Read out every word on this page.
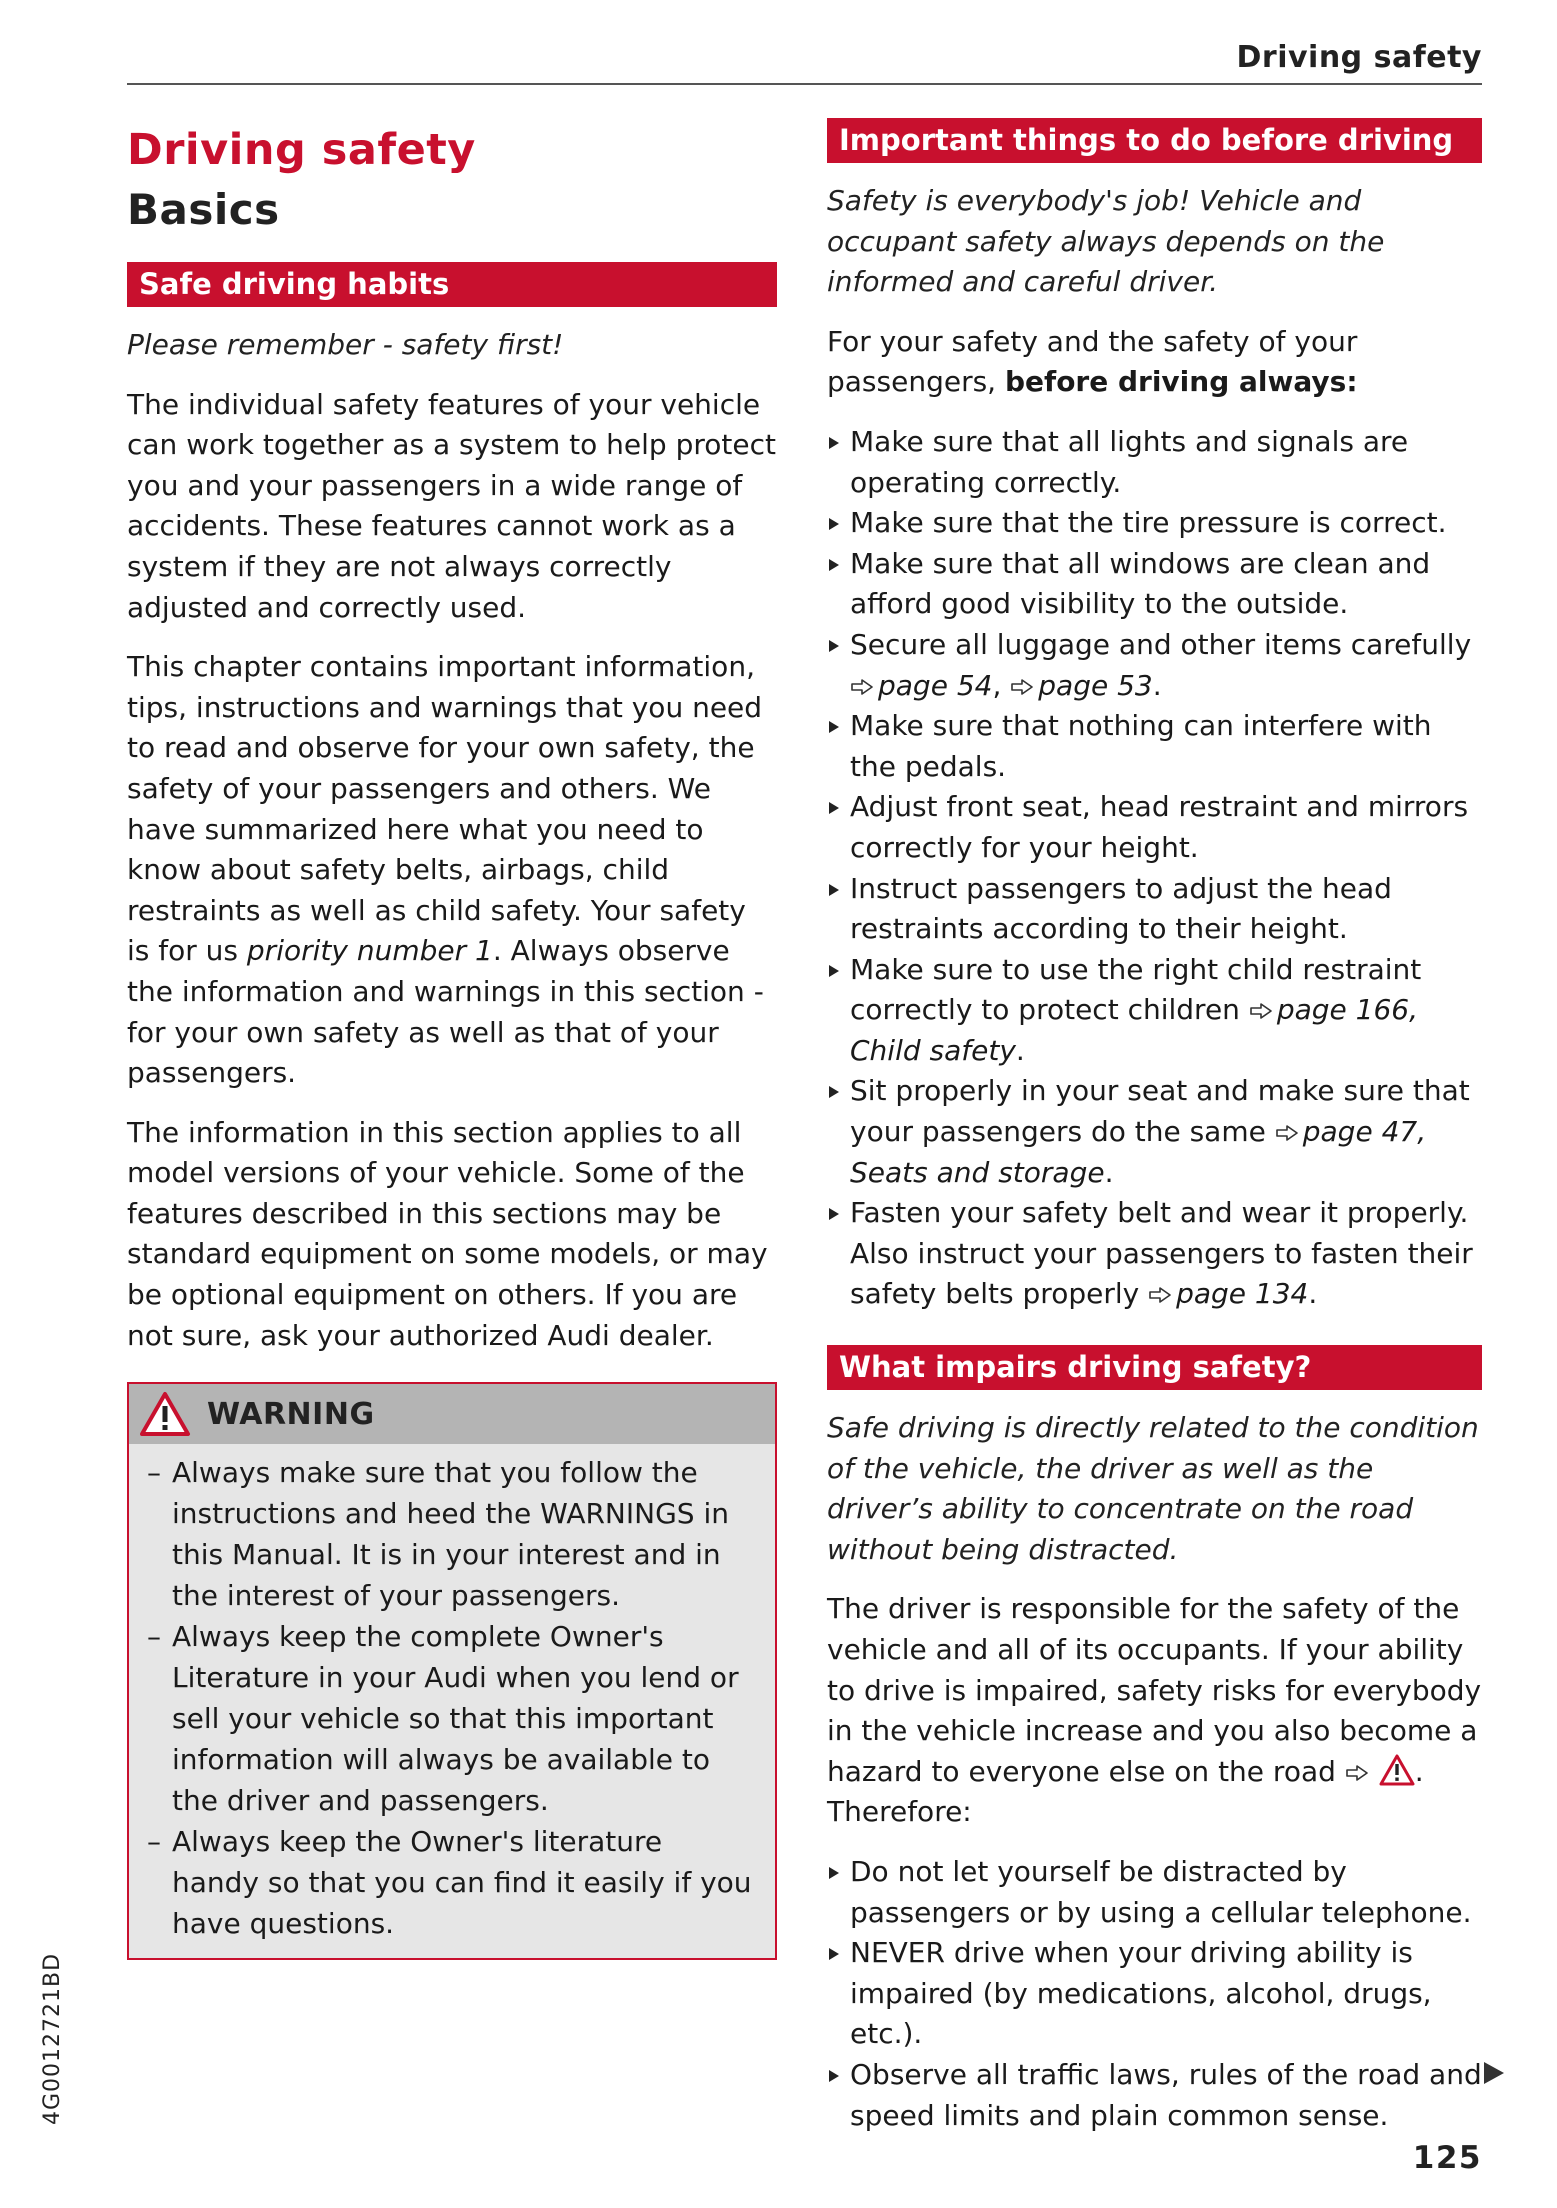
Driving safety
Driving safety
Basics
Safe driving habits
Please remember - safety first!
The individual safety features of your vehicle can work together as a system to help protect you and your passengers in a wide range of accidents. These features cannot work as a system if they are not always correctly adjusted and correctly used.
This chapter contains important information, tips, instructions and warnings that you need to read and observe for your own safety, the safety of your passengers and others. We have summarized here what you need to know about safety belts, airbags, child restraints as well as child safety. Your safety is for us priority number 1. Always observe the information and warnings in this section - for your own safety as well as that of your passengers.
The information in this section applies to all model versions of your vehicle. Some of the features described in this sections may be standard equipment on some models, or may be optional equipment on others. If you are not sure, ask your authorized Audi dealer.
WARNING
– Always make sure that you follow the instructions and heed the WARNINGS in this Manual. It is in your interest and in the interest of your passengers.
– Always keep the complete Owner's Literature in your Audi when you lend or sell your vehicle so that this important information will always be available to the driver and passengers.
– Always keep the Owner's literature handy so that you can find it easily if you have questions.
Important things to do before driving
Safety is everybody's job! Vehicle and occupant safety always depends on the informed and careful driver.
For your safety and the safety of your passengers, before driving always:
Make sure that all lights and signals are operating correctly.
Make sure that the tire pressure is correct.
Make sure that all windows are clean and afford good visibility to the outside.
Secure all luggage and other items carefully page 54, page 53.
Make sure that nothing can interfere with the pedals.
Adjust front seat, head restraint and mirrors correctly for your height.
Instruct passengers to adjust the head restraints according to their height.
Make sure to use the right child restraint correctly to protect children page 166, Child safety.
Sit properly in your seat and make sure that your passengers do the same page 47, Seats and storage.
Fasten your safety belt and wear it properly. Also instruct your passengers to fasten their safety belts properly page 134.
What impairs driving safety?
Safe driving is directly related to the condition of the vehicle, the driver as well as the driver’s ability to concentrate on the road without being distracted.
The driver is responsible for the safety of the vehicle and all of its occupants. If your ability to drive is impaired, safety risks for everybody in the vehicle increase and you also become a hazard to everyone else on the road	. Therefore:
Do not let yourself be distracted by passengers or by using a cellular telephone.
NEVER drive when your driving ability is impaired (by medications, alcohol, drugs, etc.).
Observe all traffic laws, rules of the road and speed limits and plain common sense.
4G0012721BD
125
